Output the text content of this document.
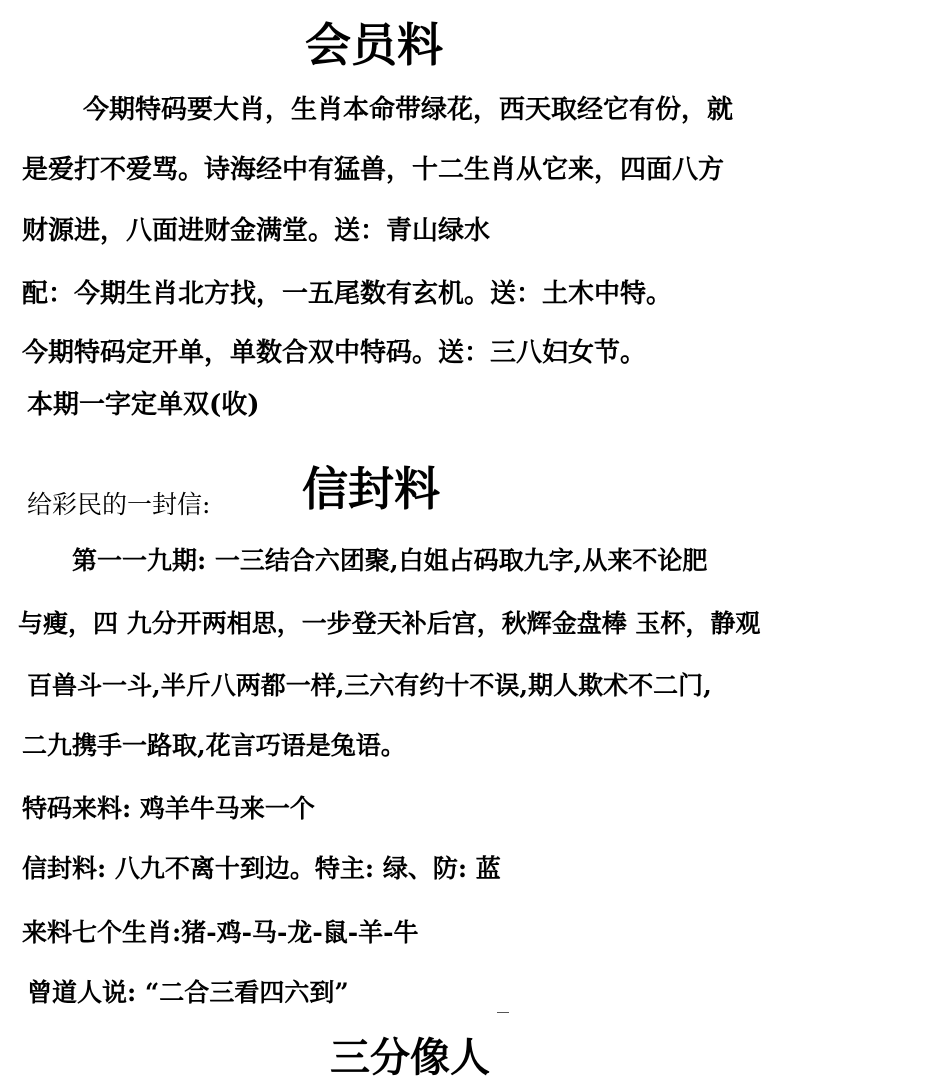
会员料
今期特码要大肖，生肖本命带绿花，西天取经它有份，就
是爱打不爱骂。诗海经中有猛兽，十二生肖从它来，四面八方
财源进，八面进财金满堂。送：青山绿水
配：今期生肖北方找，一五尾数有玄机。送：土木中特。
今期特码定开单，单数合双中特码。送：三八妇女节。
本期一字定单双(收)
给彩民的一封信: 信封料
第一一九期: 一三结合六团聚,白姐占码取九字,从来不论肥
与瘦，四 九分开两相思，一步登天补后宫，秋辉金盘棒 玉杯，静观
百兽斗一斗,半斤八两都一样,三六有约十不误,期人欺术不二门,
二九携手一路取,花言巧语是兔语。
特码来料: 鸡羊牛马来一个
信封料: 八九不离十到边。特主: 绿、防: 蓝
来料七个生肖:猪-鸡-马-龙-鼠-羊-牛
曾道人说: “二合三看四六到”
三分像人
